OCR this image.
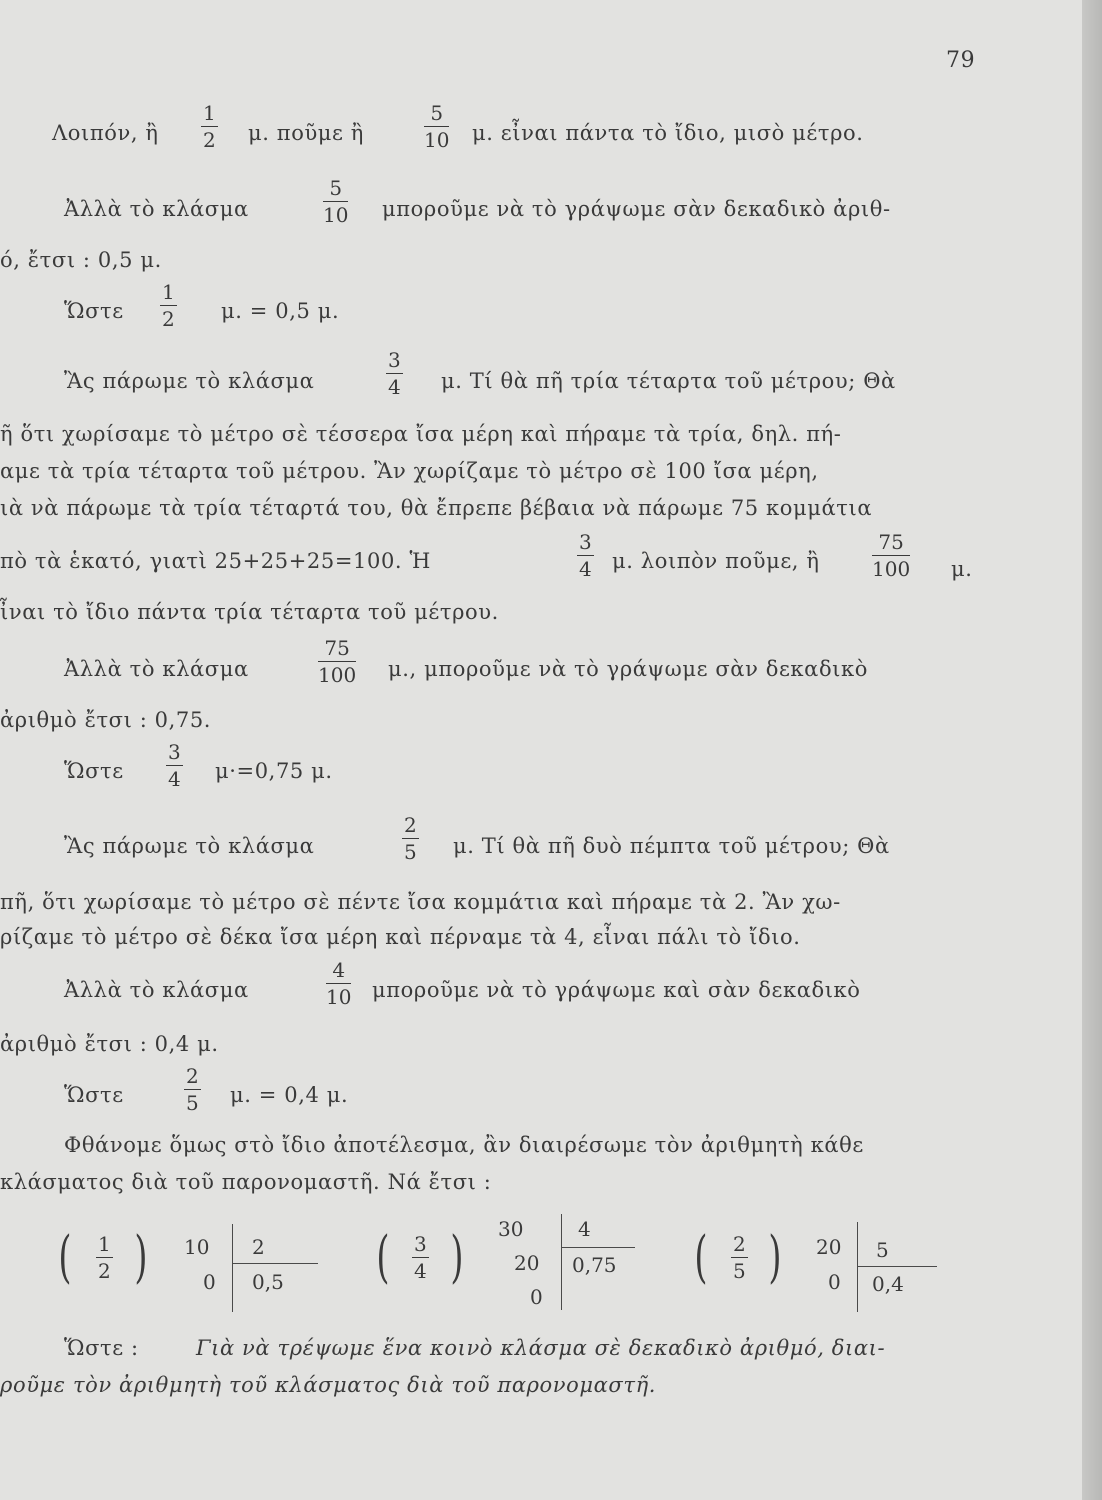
79
Λοιπόν, ἢ
1
2 μ. ποῦμε ἢ
5
10 μ. εἶναι πάντα τὸ ἴδιο, μισὸ μέτρο.
Ἀλλὰ τὸ κλάσμα
5
10 μποροῦμε νὰ τὸ γράψωμε σὰν δεκαδικὸ ἀριθ-
ό, ἔτσι : 0,5 μ.
Ὥστε
1
2 μ. = 0,5 μ.
Ἂς πάρωμε τὸ κλάσμα
3
4 μ. Τί θὰ πῆ τρία τέταρτα τοῦ μέτρου; Θὰ
ῆ ὅτι χωρίσαμε τὸ μέτρο σὲ τέσσερα ἴσα μέρη καὶ πήραμε τὰ τρία, δηλ. πή-
αμε τὰ τρία τέταρτα τοῦ μέτρου. Ἂν χωρίζαμε τὸ μέτρο σὲ 100 ἴσα μέρη,
ιὰ νὰ πάρωμε τὰ τρία τέταρτά του, θὰ ἔπρεπε βέβαια νὰ πάρωμε 75 κομμάτια
πὸ τὰ ἑκατό, γιατὶ 25+25+25=100. Ἡ
3
4 μ. λοιπὸν ποῦμε, ἢ
75
100 μ.
ἶναι τὸ ἴδιο πάντα τρία τέταρτα τοῦ μέτρου.
Ἀλλὰ τὸ κλάσμα
75
100 μ., μποροῦμε νὰ τὸ γράψωμε σὰν δεκαδικὸ
ἀριθμὸ ἔτσι : 0,75.
Ὥστε
3
4 μ·=0,75 μ.
Ἂς πάρωμε τὸ κλάσμα
2
5 μ. Τί θὰ πῆ δυὸ πέμπτα τοῦ μέτρου; Θὰ
πῆ, ὅτι χωρίσαμε τὸ μέτρο σὲ πέντε ἴσα κομμάτια καὶ πήραμε τὰ 2. Ἂν χω-
ρίζαμε τὸ μέτρο σὲ δέκα ἴσα μέρη καὶ πέρναμε τὰ 4, εἶναι πάλι τὸ ἴδιο.
Ἀλλὰ τὸ κλάσμα
4
10 μποροῦμε νὰ τὸ γράψωμε καὶ σὰν δεκαδικὸ
ἀριθμὸ ἔτσι : 0,4 μ.
Ὥστε
2
5 μ. = 0,4 μ.
Φθάνομε ὅμως στὸ ἴδιο ἀποτέλεσμα, ἂν διαιρέσωμε τὸν ἀριθμητὴ κάθε
κλάσματος διὰ τοῦ παρονομαστῆ. Νά ἔτσι :
( 1
2 ) 10
0
2
0,5 ( 3
4 ) 30
20
0
4
0,75 ( 2
5 ) 20
0
5
0,4
Ὥστε :	Γιὰ νὰ τρέψωμε ἕνα κοινὸ κλάσμα σὲ δεκαδικὸ ἀριθμό, διαι-
ροῦμε τὸν ἀριθμητὴ τοῦ κλάσματος διὰ τοῦ παρονομαστῆ.
